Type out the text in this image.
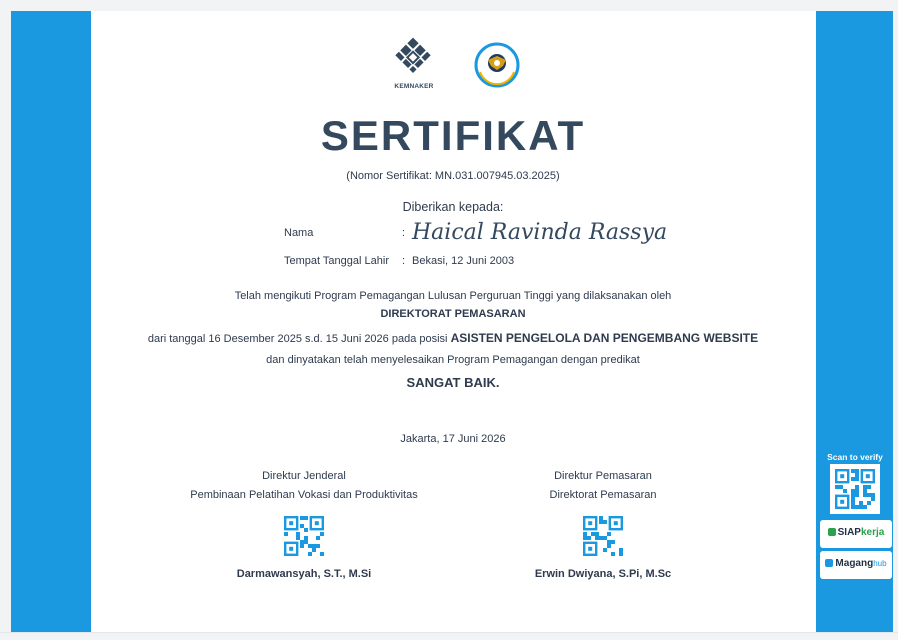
KEMNAKER
SERTIFIKAT
(Nomor Sertifikat: MN.031.007945.03.2025)
Diberikan kepada:
Nama	: Haical Ravinda Rassya
Tempat Tanggal Lahir : Bekasi, 12 Juni 2003
Telah mengikuti Program Pemagangan Lulusan Perguruan Tinggi yang dilaksanakan oleh
DIREKTORAT PEMASARAN
dari tanggal 16 Desember 2025 s.d. 15 Juni 2026 pada posisi ASISTEN PENGELOLA DAN PENGEMBANG WEBSITE
dan dinyatakan telah menyelesaikan Program Pemagangan dengan predikat
SANGAT BAIK.
Jakarta, 17 Juni 2026
Direktur Jenderal
Pembinaan Pelatihan Vokasi dan Produktivitas
Darmawansyah, S.T., M.Si
Direktur Pemasaran
Direktorat Pemasaran
Erwin Dwiyana, S.Pi, M.Sc
Scan to verify
SIAPkerja
Maganghub
